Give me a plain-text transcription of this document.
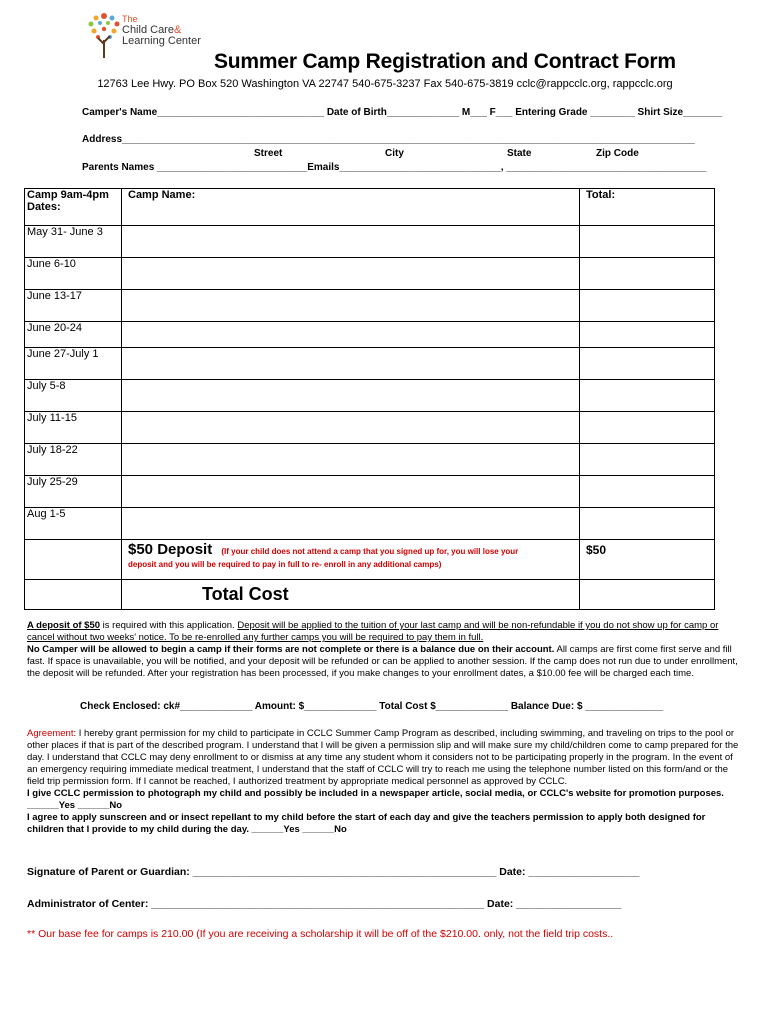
The
Child Care&
Learning Center
Summer Camp Registration and Contract Form
12763 Lee Hwy. PO Box 520 Washington VA 22747 540-675-3237 Fax 540-675-3819 cclc@rappcclc.org, rappcclc.org
Camper's Name______________________________ Date of Birth_____________ M___ F___ Entering Grade ________ Shirt Size_______
Address_______________________________________________________________________________________________________
Street	City	State	Zip Code
Parents Names ___________________________Emails_____________________________, ____________________________________
Camp 9am-4pm Dates:	Camp Name:	Total:
May 31- June 3		
June 6-10		
June 13-17		
June 20-24		
June 27-July 1		
July 5-8		
July 11-15		
July 18-22		
July 25-29		
Aug 1-5		
	$50 Deposit (If your child does not attend a camp that you signed up for, you will lose your
deposit and you will be required to pay in full to re- enroll in any additional camps)	$50
	Total Cost	
A deposit of $50 is required with this application. Deposit will be applied to the tuition of your last camp and will be non-refundable if you do not show up for camp or cancel without two weeks' notice. To be re-enrolled any further camps you will be required to pay them in full.
No Camper will be allowed to begin a camp if their forms are not complete or there is a balance due on their account. All camps are first come first serve and fill fast. If space is unavailable, you will be notified, and your deposit will be refunded or can be applied to another session. If the camp does not run due to under enrollment, the deposit will be refunded. After your registration has been processed, if you make changes to your enrollment dates, a $10.00 fee will be charged each time.
Check Enclosed: ck#_____________ Amount: $_____________ Total Cost $_____________ Balance Due: $ ______________
Agreement: I hereby grant permission for my child to participate in CCLC Summer Camp Program as described, including swimming, and traveling on trips to the pool or other places if that is part of the described program. I understand that I will be given a permission slip and will make sure my child/children come to camp prepared for the day. I understand that CCLC may deny enrollment to or dismiss at any time any student whom it considers not to be participating properly in the program. In the event of an emergency requiring immediate medical treatment, I understand that the staff of CCLC will try to reach me using the telephone number listed on this form/and or the field trip permission form. If I cannot be reached, I authorized treatment by appropriate medical personnel as approved by CCLC.
I give CCLC permission to photograph my child and possibly be included in a newspaper article, social media, or CCLC's website for promotion purposes.
______Yes ______No
I agree to apply sunscreen and or insect repellant to my child before the start of each day and give the teachers permission to apply both designed for children that I provide to my child during the day. ______Yes ______No
Signature of Parent or Guardian: ____________________________________________________ Date: ___________________
Administrator of Center: _________________________________________________________ Date: __________________
** Our base fee for camps is 210.00 (If you are receiving a scholarship it will be off of the $210.00. only, not the field trip costs..
